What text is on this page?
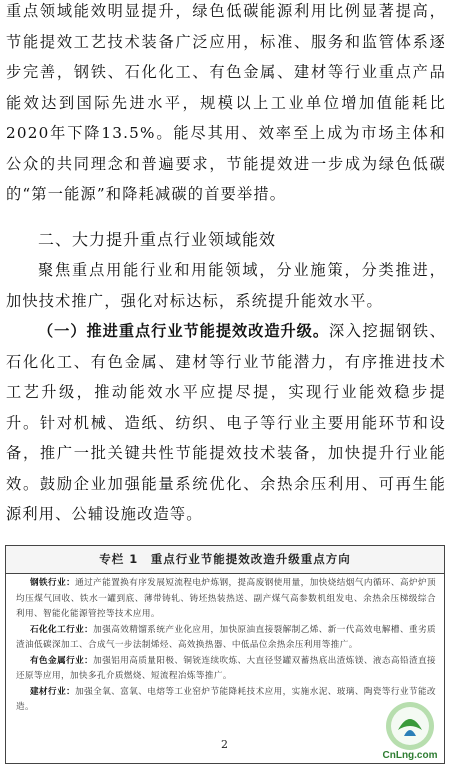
重点领域能效明显提升，绿色低碳能源利用比例显著提高，节能提效工艺技术装备广泛应用，标准、服务和监管体系逐步完善，钢铁、石化化工、有色金属、建材等行业重点产品能效达到国际先进水平，规模以上工业单位增加值能耗比2020年下降13.5%。能尽其用、效率至上成为市场主体和公众的共同理念和普遍要求，节能提效进一步成为绿色低碳的“第一能源”和降耗减碳的首要举措。

二、大力提升重点行业领域能效

聚焦重点用能行业和用能领域，分业施策，分类推进，加快技术推广，强化对标达标，系统提升能效水平。

（一）推进重点行业节能提效改造升级。深入挖掘钢铁、石化化工、有色金属、建材等行业节能潜力，有序推进技术工艺升级，推动能效水平应提尽提，实现行业能效稳步提升。针对机械、造纸、纺织、电子等行业主要用能环节和设备，推广一批关键共性节能提效技术装备，加快提升行业能效。鼓励企业加强能量系统优化、余热余压利用、可再生能源利用、公辅设施改造等。

专栏 1　重点行业节能提效改造升级重点方向

钢铁行业：通过产能置换有序发展短流程电炉炼钢，提高废钢使用量，加快烧结烟气内循环、高炉炉顶均压煤气回收、铁水一罐到底、薄带铸轧、铸坯热装热送、副产煤气高参数机组发电、余热余压梯级综合利用、智能化能源管控等技术应用。

石化化工行业：加强高效精馏系统产业化应用，加快原油直接裂解制乙烯、新一代高效电解槽、重劣质渣油低碳深加工、合成气一步法制烯烃、高效换热器、中低品位余热余压利用等推广。

有色金属行业：加强铝用高质量阳极、铜铳连续吹炼、大直径竖罐双蓄热底出渣炼镁、液态高铅渣直接还原等应用，加快多孔介质燃烧、短流程冶炼等推广。

建材行业：加强全氧、富氧、电熔等工业窑炉节能降耗技术应用，实施水泥、玻璃、陶瓷等行业节能改造。

2
CnLng.com
